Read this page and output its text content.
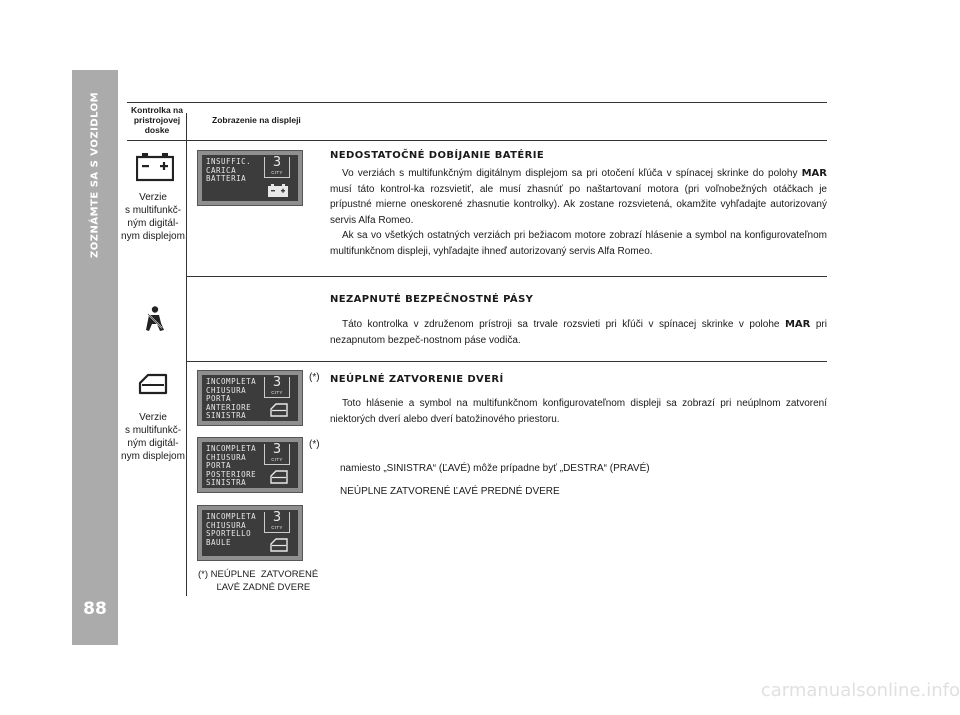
ZOZNÁMTE SA S VOZIDLOM
88
Kontrolka na
pristrojovej
doske
Zobrazenie na displeji
Verzie
s multifunkč-
ným digitál-
nym displejom
INSUFFIC.
CARICA
BATTERIA
3
CITY
NEDOSTATOČNÉ DOBÍJANIE BATÉRIE
Vo verziách s multifunkčným digitálnym displejom sa pri otočení kľúča v spínacej skrinke do polohy MAR musí táto kontrol-ka rozsvietiť, ale musí zhasnúť po naštartovaní motora (pri voľnobežných otáčkach je prípustné mierne oneskorené zhasnutie kontrolky). Ak zostane rozsvietená, okamžite vyhľadajte autorizovaný servis Alfa Romeo.
Ak sa vo všetkých ostatných verziách pri bežiacom motore zobrazí hlásenie a symbol na konfigurovateľnom multifunkčnom displeji, vyhľadajte ihneď autorizovaný servis Alfa Romeo.
NEZAPNUTÉ BEZPEČNOSTNÉ PÁSY
Táto kontrolka v združenom prístroji sa trvale rozsvieti pri kľúči v spínacej skrinke v polohe MAR pri nezapnutom bezpeč-nostnom páse vodiča.
Verzie
s multifunkč-
ným digitál-
nym displejom
INCOMPLETA
CHIUSURA
PORTA
ANTERIORE
SINISTRA
3
CITY
INCOMPLETA
CHIUSURA
PORTA
POSTERIORE
SINISTRA
3
CITY
INCOMPLETA
CHIUSURA
SPORTELLO
BAULE
3
CITY
(*) NEÚPLNÉ ZATVORENIE DVERÍ
Toto hlásenie a symbol na multifunkčnom konfigurovateľnom displeji sa zobrazí pri neúplnom zatvorení niektorých dverí alebo dverí batožinového priestoru.
(*)
namiesto „SINISTRA“ (ĽAVÉ) môže prípadne byť „DESTRA“ (PRAVÉ)
NEÚPLNE ZATVORENÉ ĽAVÉ PREDNÉ DVERE
(*) NEÚPLNE  ZATVORENÉ
ĽAVÉ ZADNÉ DVERE
carmanualsonline.info
